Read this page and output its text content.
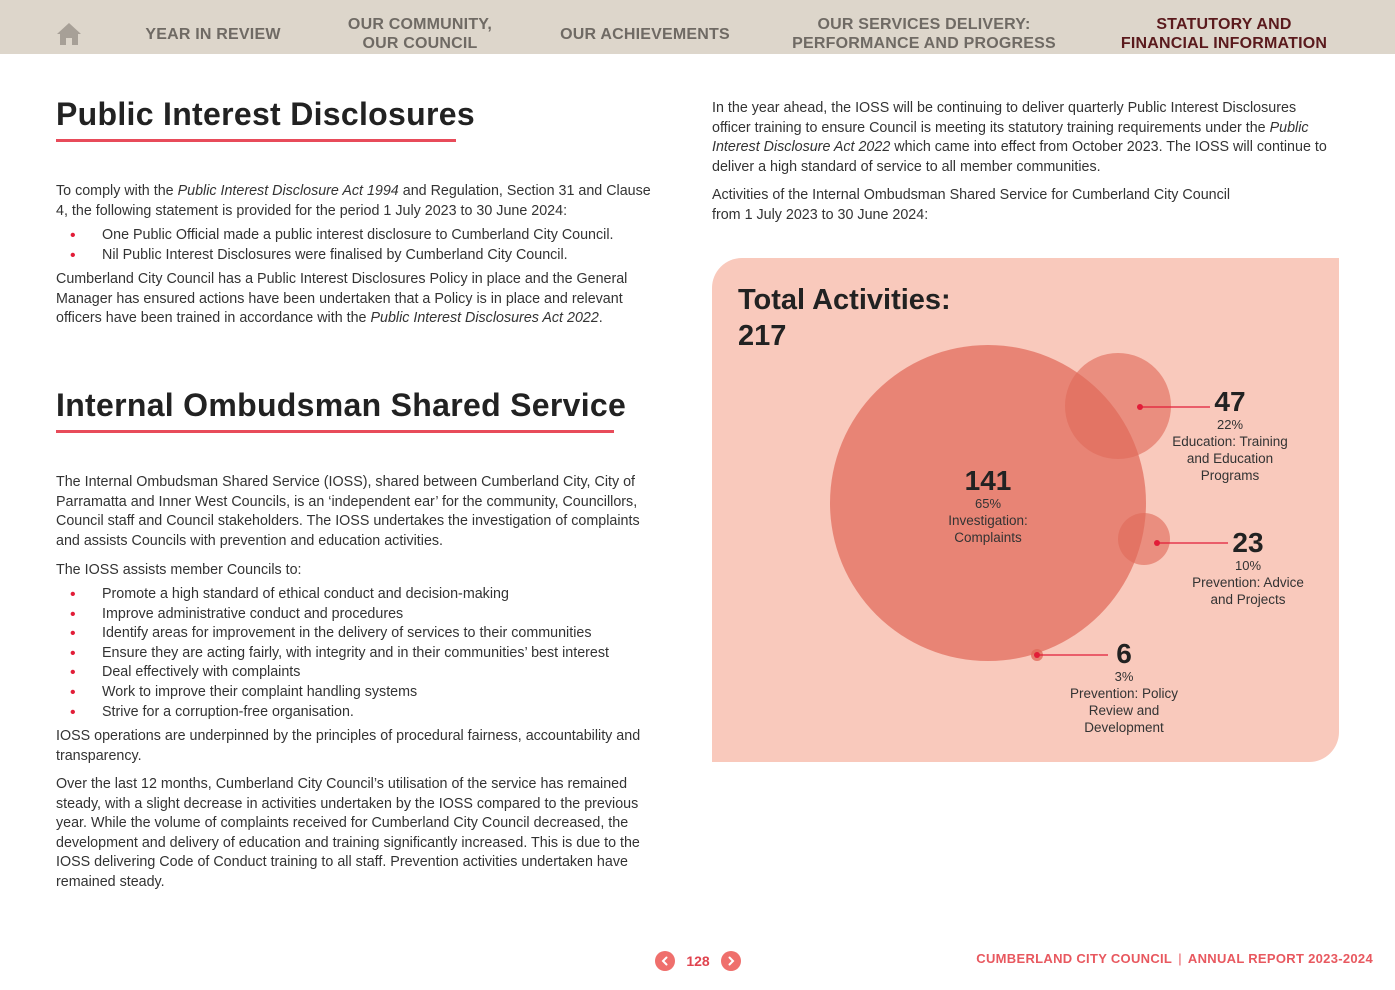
YEAR IN REVIEW
OUR COMMUNITY,
OUR COUNCIL
OUR ACHIEVEMENTS
OUR SERVICES DELIVERY:
PERFORMANCE AND PROGRESS
STATUTORY AND
FINANCIAL INFORMATION
Public Interest Disclosures
To comply with the Public Interest Disclosure Act 1994 and Regulation, Section 31 and Clause 4, the following statement is provided for the period 1 July 2023 to 30 June 2024:
• One Public Official made a public interest disclosure to Cumberland City Council.
• Nil Public Interest Disclosures were finalised by Cumberland City Council.
Cumberland City Council has a Public Interest Disclosures Policy in place and the General Manager has ensured actions have been undertaken that a Policy is in place and relevant officers have been trained in accordance with the Public Interest Disclosures Act 2022.
Internal Ombudsman Shared Service
The Internal Ombudsman Shared Service (IOSS), shared between Cumberland City, City of Parramatta and Inner West Councils, is an ‘independent ear’ for the community, Councillors, Council staff and Council stakeholders. The IOSS undertakes the investigation of complaints and assists Councils with prevention and education activities.
The IOSS assists member Councils to:
• Promote a high standard of ethical conduct and decision-making
• Improve administrative conduct and procedures
• Identify areas for improvement in the delivery of services to their communities
• Ensure they are acting fairly, with integrity and in their communities’ best interest
• Deal effectively with complaints
• Work to improve their complaint handling systems
• Strive for a corruption-free organisation.
IOSS operations are underpinned by the principles of procedural fairness, accountability and transparency.
Over the last 12 months, Cumberland City Council’s utilisation of the service has remained steady, with a slight decrease in activities undertaken by the IOSS compared to the previous year. While the volume of complaints received for Cumberland City Council decreased, the development and delivery of education and training significantly increased. This is due to the IOSS delivering Code of Conduct training to all staff. Prevention activities undertaken have remained steady.
In the year ahead, the IOSS will be continuing to deliver quarterly Public Interest Disclosures officer training to ensure Council is meeting its statutory training requirements under the Public Interest Disclosure Act 2022 which came into effect from October 2023. The IOSS will continue to deliver a high standard of service to all member communities.
Activities of the Internal Ombudsman Shared Service for Cumberland City Council
from 1 July 2023 to 30 June 2024:
Total Activities:
217
141
65%
Investigation:
Complaints
47
22%
Education: Training
and Education
Programs
23
10%
Prevention: Advice
and Projects
6
3%
Prevention: Policy
Review and
Development
128	CUMBERLAND CITY COUNCIL | ANNUAL REPORT 2023-2024
